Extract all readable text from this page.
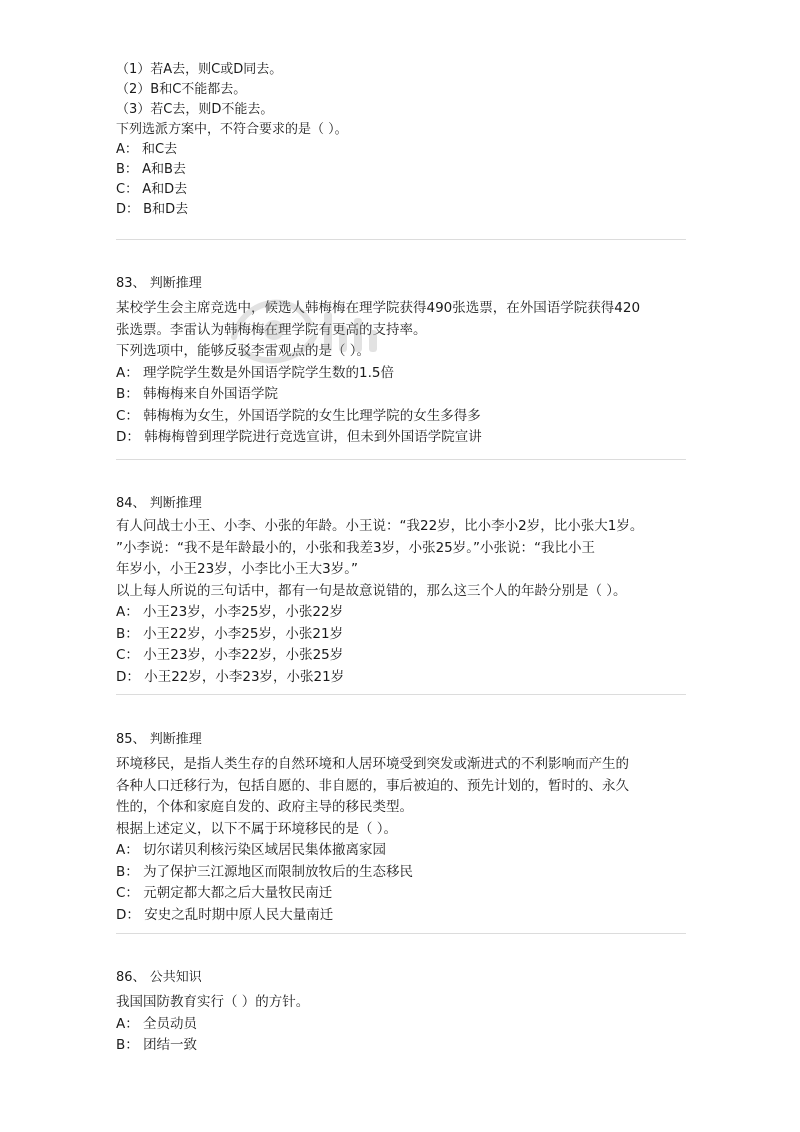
（1）若A去，则C或D同去。
（2）B和C不能都去。
（3）若C去，则D不能去。
下列选派方案中，不符合要求的是（ ）。
A： 和C去
B： A和B去
C： A和D去
D： B和D去
83、 判断推理
某校学生会主席竞选中，候选人韩梅梅在理学院获得490张选票，在外国语学院获得420
张选票。李雷认为韩梅梅在理学院有更高的支持率。
下列选项中，能够反驳李雷观点的是（ ）。
A： 理学院学生数是外国语学院学生数的1.5倍
B： 韩梅梅来自外国语学院
C： 韩梅梅为女生，外国语学院的女生比理学院的女生多得多
D： 韩梅梅曾到理学院进行竞选宣讲，但未到外国语学院宣讲
84、 判断推理
有人问战士小王、小李、小张的年龄。小王说：“我22岁，比小李小2岁，比小张大1岁。
”小李说：“我不是年龄最小的，小张和我差3岁，小张25岁。”小张说：“我比小王
年岁小，小王23岁，小李比小王大3岁。”
以上每人所说的三句话中，都有一句是故意说错的，那么这三个人的年龄分别是（ ）。
A： 小王23岁，小李25岁，小张22岁
B： 小王22岁，小李25岁，小张21岁
C： 小王23岁，小李22岁，小张25岁
D： 小王22岁，小李23岁，小张21岁
85、 判断推理
环境移民，是指人类生存的自然环境和人居环境受到突发或渐进式的不利影响而产生的
各种人口迁移行为，包括自愿的、非自愿的，事后被迫的、预先计划的，暂时的、永久
性的，个体和家庭自发的、政府主导的移民类型。
根据上述定义，以下不属于环境移民的是（ ）。
A： 切尔诺贝利核污染区域居民集体撤离家园
B： 为了保护三江源地区而限制放牧后的生态移民
C： 元朝定都大都之后大量牧民南迁
D： 安史之乱时期中原人民大量南迁
86、 公共知识
我国国防教育实行（ ）的方针。
A： 全员动员
B： 团结一致
